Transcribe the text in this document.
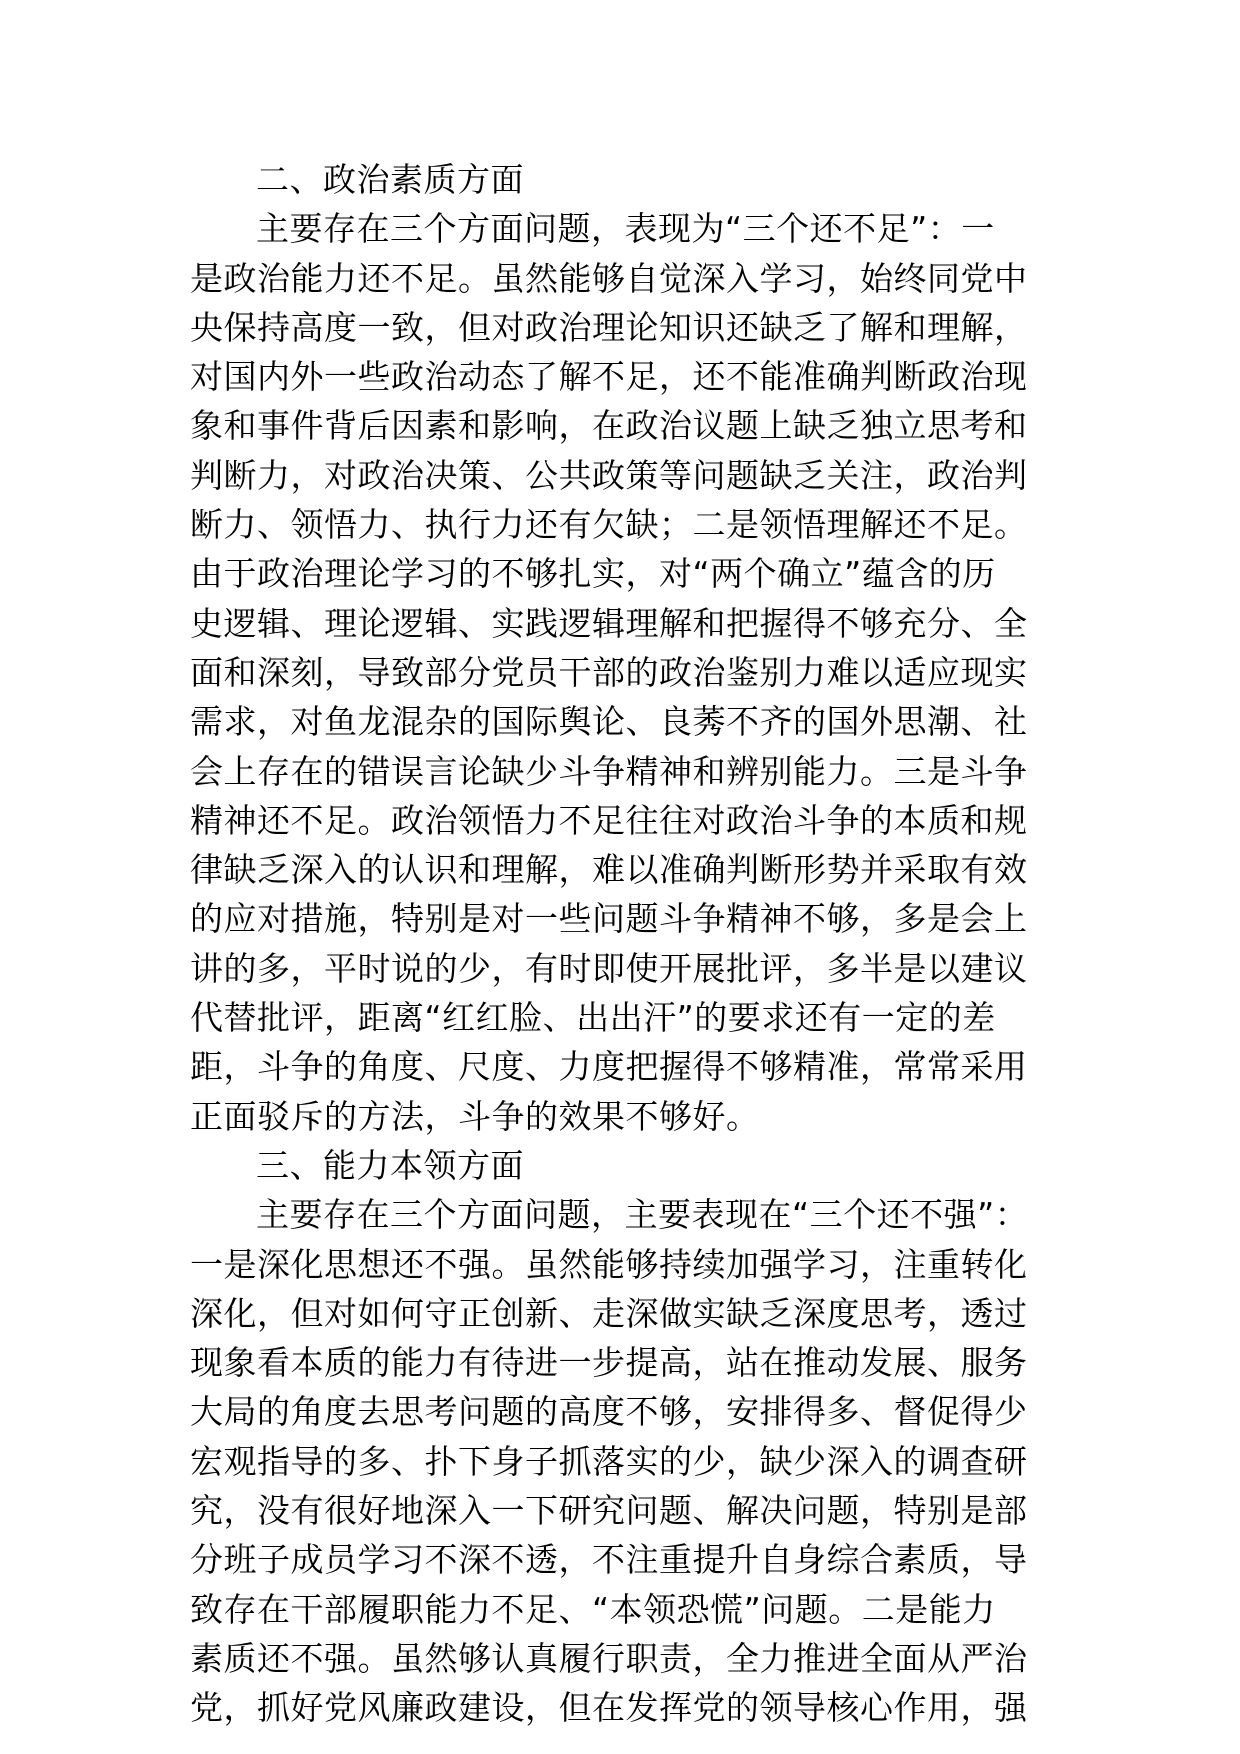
二、政治素质方面
主要存在三个方面问题，表现为“三个还不足”：一
是政治能力还不足。虽然能够自觉深入学习，始终同党中
央保持高度一致，但对政治理论知识还缺乏了解和理解，
对国内外一些政治动态了解不足，还不能准确判断政治现
象和事件背后因素和影响，在政治议题上缺乏独立思考和
判断力，对政治决策、公共政策等问题缺乏关注，政治判
断力、领悟力、执行力还有欠缺；二是领悟理解还不足。
由于政治理论学习的不够扎实，对“两个确立”蕴含的历
史逻辑、理论逻辑、实践逻辑理解和把握得不够充分、全
面和深刻，导致部分党员干部的政治鉴别力难以适应现实
需求，对鱼龙混杂的国际舆论、良莠不齐的国外思潮、社
会上存在的错误言论缺少斗争精神和辨别能力。三是斗争
精神还不足。政治领悟力不足往往对政治斗争的本质和规
律缺乏深入的认识和理解，难以准确判断形势并采取有效
的应对措施，特别是对一些问题斗争精神不够，多是会上
讲的多，平时说的少，有时即使开展批评，多半是以建议
代替批评，距离“红红脸、出出汗”的要求还有一定的差
距，斗争的角度、尺度、力度把握得不够精准，常常采用
正面驳斥的方法，斗争的效果不够好。
三、能力本领方面
主要存在三个方面问题，主要表现在“三个还不强”：
一是深化思想还不强。虽然能够持续加强学习，注重转化
深化，但对如何守正创新、走深做实缺乏深度思考，透过
现象看本质的能力有待进一步提高，站在推动发展、服务
大局的角度去思考问题的高度不够，安排得多、督促得少
宏观指导的多、扑下身子抓落实的少，缺少深入的调查研
究，没有很好地深入一下研究问题、解决问题，特别是部
分班子成员学习不深不透，不注重提升自身综合素质，导
致存在干部履职能力不足、“本领恐慌”问题。二是能力
素质还不强。虽然够认真履行职责，全力推进全面从严治
党，抓好党风廉政建设，但在发挥党的领导核心作用，强
